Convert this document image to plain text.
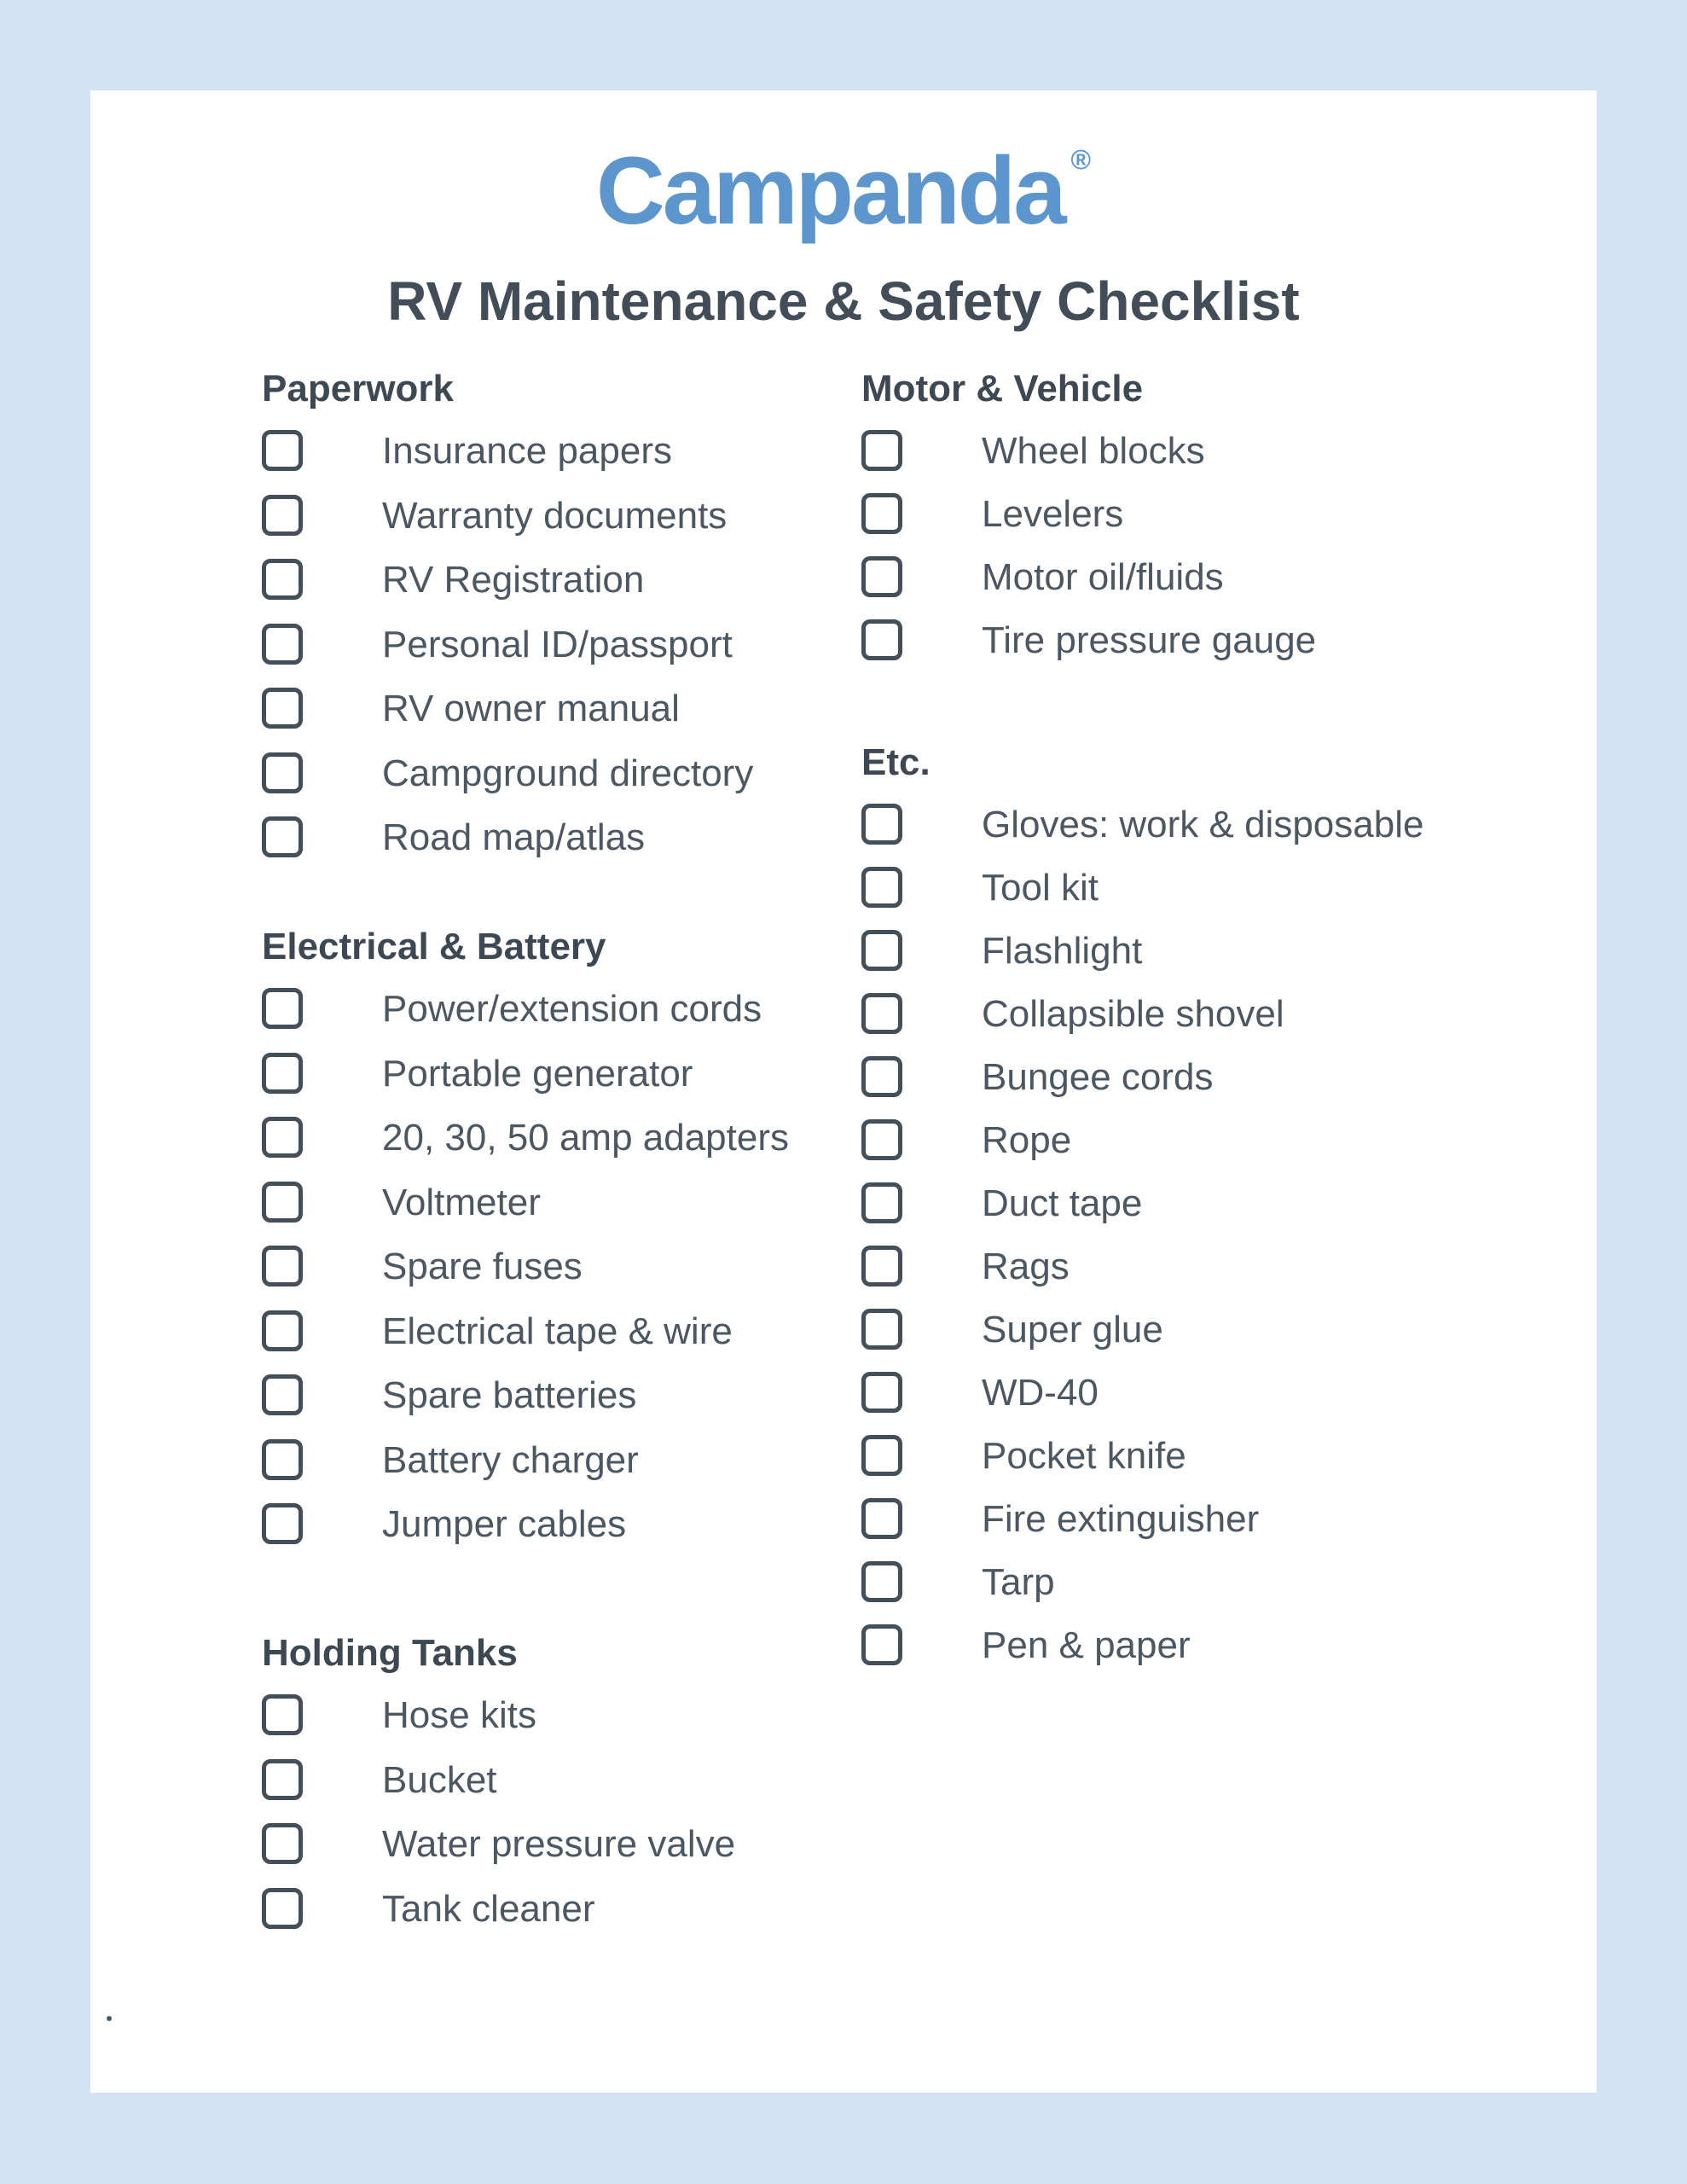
Campanda ®
RV Maintenance & Safety Checklist
Paperwork
Insurance papers
Warranty documents
RV Registration
Personal ID/passport
RV owner manual
Campground directory
Road map/atlas
Electrical & Battery
Power/extension cords
Portable generator
20, 30, 50 amp adapters
Voltmeter
Spare fuses
Electrical tape & wire
Spare batteries
Battery charger
Jumper cables
Holding Tanks
Hose kits
Bucket
Water pressure valve
Tank cleaner
Motor & Vehicle
Wheel blocks
Levelers
Motor oil/fluids
Tire pressure gauge
Etc.
Gloves: work & disposable
Tool kit
Flashlight
Collapsible shovel
Bungee cords
Rope
Duct tape
Rags
Super glue
WD-40
Pocket knife
Fire extinguisher
Tarp
Pen & paper
